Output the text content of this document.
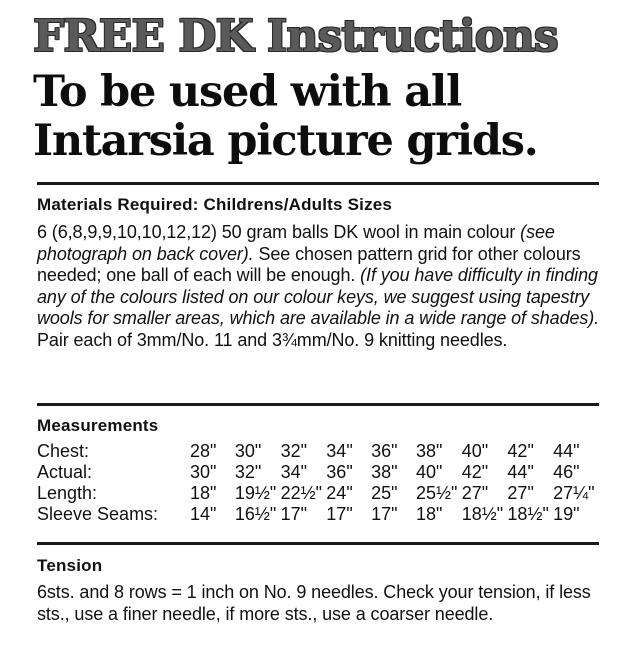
FREE DK Instructions
To be used with all
Intarsia picture grids.
Materials Required: Childrens/Adults Sizes
6 (6,8,9,9,10,10,12,12) 50 gram balls DK wool in main colour (see photograph on back cover). See chosen pattern grid for other colours needed; one ball of each will be enough. (If you have difficulty in finding any of the colours listed on our colour keys, we suggest using tapestry wools for smaller areas, which are available in a wide range of shades). Pair each of 3mm/No. 11 and 3¾mm/No. 9 knitting needles.
Measurements
Chest:	28"	30"	32"	34"	36"	38"	40"	42"	44"
Actual:	30"	32"	34"	36"	38"	40"	42"	44"	46"
Length:	18"	19½"	22½"	24"	25"	25½"	27"	27"	27¼"
Sleeve Seams:	14"	16½"	17"	17"	17"	18"	18½"	18½"	19"
Tension
6sts. and 8 rows = 1 inch on No. 9 needles. Check your tension, if less sts., use a finer needle, if more sts., use a coarser needle.
